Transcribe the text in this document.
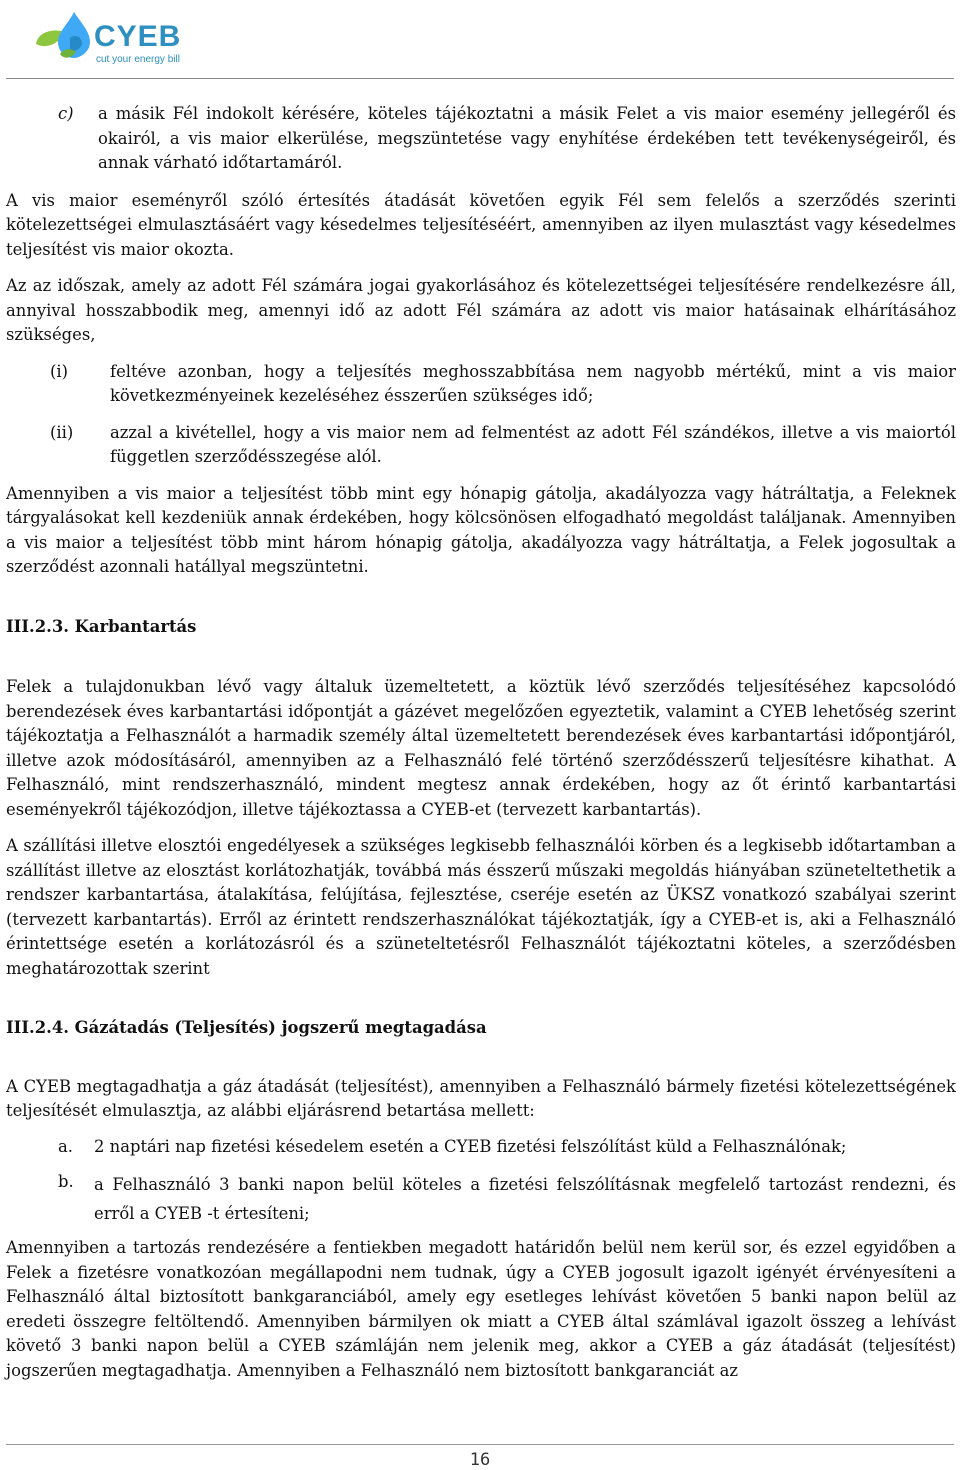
CYEB
cut your energy bill
c)	a másik Fél indokolt kérésére, köteles tájékoztatni a másik Felet a vis maior esemény jellegéről és okairól, a vis maior elkerülése, megszüntetése vagy enyhítése érdekében tett tevékenységeiről, és annak várható időtartamáról.

A vis maior eseményről szóló értesítés átadását követően egyik Fél sem felelős a szerződés szerinti kötelezettségei elmulasztásáért vagy késedelmes teljesítéséért, amennyiben az ilyen mulasztást vagy késedelmes teljesítést vis maior okozta.

Az az időszak, amely az adott Fél számára jogai gyakorlásához és kötelezettségei teljesítésére rendelkezésre áll, annyival hosszabbodik meg, amennyi idő az adott Fél számára az adott vis maior hatásainak elhárításához szükséges,

(i)	feltéve azonban, hogy a teljesítés meghosszabbítása nem nagyobb mértékű, mint a vis maior következményeinek kezeléséhez ésszerűen szükséges idő;

(ii)	azzal a kivétellel, hogy a vis maior nem ad felmentést az adott Fél szándékos, illetve a vis maiortól független szerződésszegése alól.

Amennyiben a vis maior a teljesítést több mint egy hónapig gátolja, akadályozza vagy hátráltatja, a Feleknek tárgyalásokat kell kezdeniük annak érdekében, hogy kölcsönösen elfogadható megoldást találjanak. Amennyiben a vis maior a teljesítést több mint három hónapig gátolja, akadályozza vagy hátráltatja, a Felek jogosultak a szerződést azonnali hatállyal megszüntetni.

III.2.3. Karbantartás

Felek a tulajdonukban lévő vagy általuk üzemeltetett, a köztük lévő szerződés teljesítéséhez kapcsolódó berendezések éves karbantartási időpontját a gázévet megelőzően egyeztetik, valamint a CYEB lehetőség szerint tájékoztatja a Felhasználót a harmadik személy által üzemeltetett berendezések éves karbantartási időpontjáról, illetve azok módosításáról, amennyiben az a Felhasználó felé történő szerződésszerű teljesítésre kihathat. A Felhasználó, mint rendszerhasználó, mindent megtesz annak érdekében, hogy az őt érintő karbantartási eseményekről tájékozódjon, illetve tájékoztassa a CYEB-et (tervezett karbantartás).

A szállítási illetve elosztói engedélyesek a szükséges legkisebb felhasználói körben és a legkisebb időtartamban a szállítást illetve az elosztást korlátozhatják, továbbá más ésszerű műszaki megoldás hiányában szüneteltethetik a rendszer karbantartása, átalakítása, felújítása, fejlesztése, cseréje esetén az ÜKSZ vonatkozó szabályai szerint (tervezett karbantartás). Erről az érintett rendszerhasználókat tájékoztatják, így a CYEB-et is, aki a Felhasználó érintettsége esetén a korlátozásról és a szüneteltetésről Felhasználót tájékoztatni köteles, a szerződésben meghatározottak szerint

III.2.4. Gázátadás (Teljesítés) jogszerű megtagadása

A CYEB megtagadhatja a gáz átadását (teljesítést), amennyiben a Felhasználó bármely fizetési kötelezettségének teljesítését elmulasztja, az alábbi eljárásrend betartása mellett:

a.	2 naptári nap fizetési késedelem esetén a CYEB fizetési felszólítást küld a Felhasználónak;

b.	a Felhasználó 3 banki napon belül köteles a fizetési felszólításnak megfelelő tartozást rendezni, és erről a CYEB -t értesíteni;

Amennyiben a tartozás rendezésére a fentiekben megadott határidőn belül nem kerül sor, és ezzel egyidőben a Felek a fizetésre vonatkozóan megállapodni nem tudnak, úgy a CYEB jogosult igazolt igényét érvényesíteni a Felhasználó által biztosított bankgaranciából, amely egy esetleges lehívást követően 5 banki napon belül az eredeti összegre feltöltendő. Amennyiben bármilyen ok miatt a CYEB által számlával igazolt összeg a lehívást követő 3 banki napon belül a CYEB számláján nem jelenik meg, akkor a CYEB a gáz átadását (teljesítést) jogszerűen megtagadhatja. Amennyiben a Felhasználó nem biztosított bankgaranciát az

16
